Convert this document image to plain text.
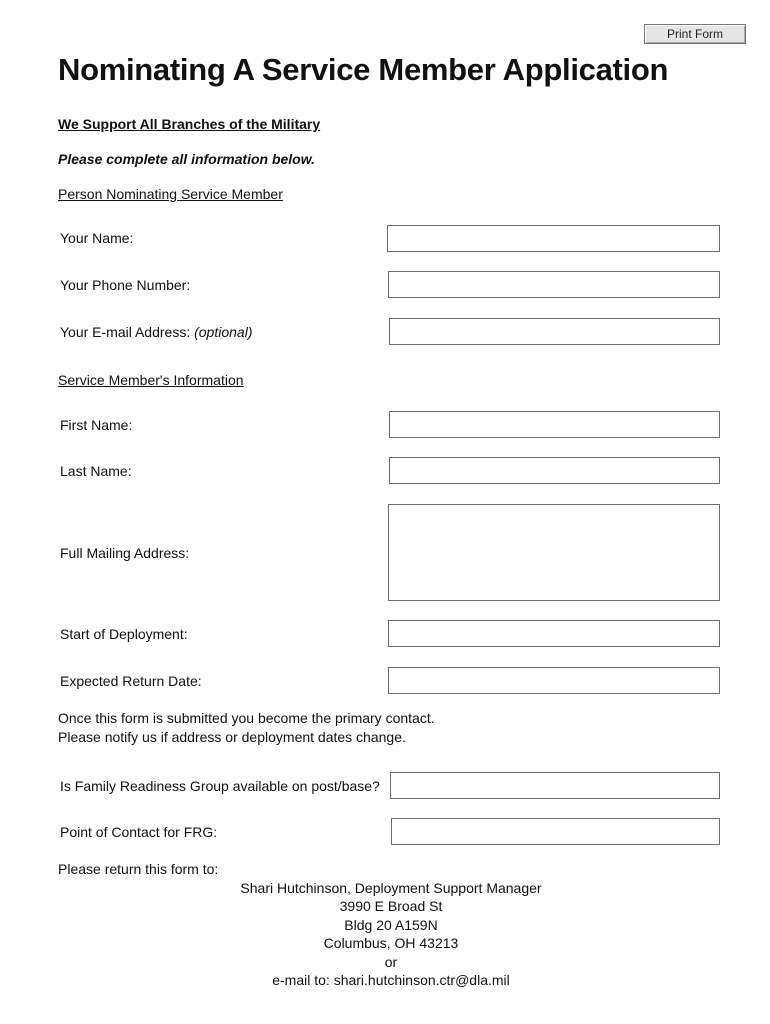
Print Form
Nominating A Service Member Application
We Support All Branches of the Military
Please complete all information below.
Person Nominating Service Member
Your Name:
Your Phone Number:
Your E-mail Address: (optional)
Service Member's Information
First Name:
Last Name:
Full Mailing Address:
Start of Deployment:
Expected Return Date:
Once this form is submitted you become the primary contact.
Please notify us if address or deployment dates change.
Is Family Readiness Group available on post/base?
Point of Contact for FRG:
Please return this form to:
Shari Hutchinson, Deployment Support Manager
3990 E Broad St
Bldg 20 A159N
Columbus, OH 43213
or
e-mail to: shari.hutchinson.ctr@dla.mil
